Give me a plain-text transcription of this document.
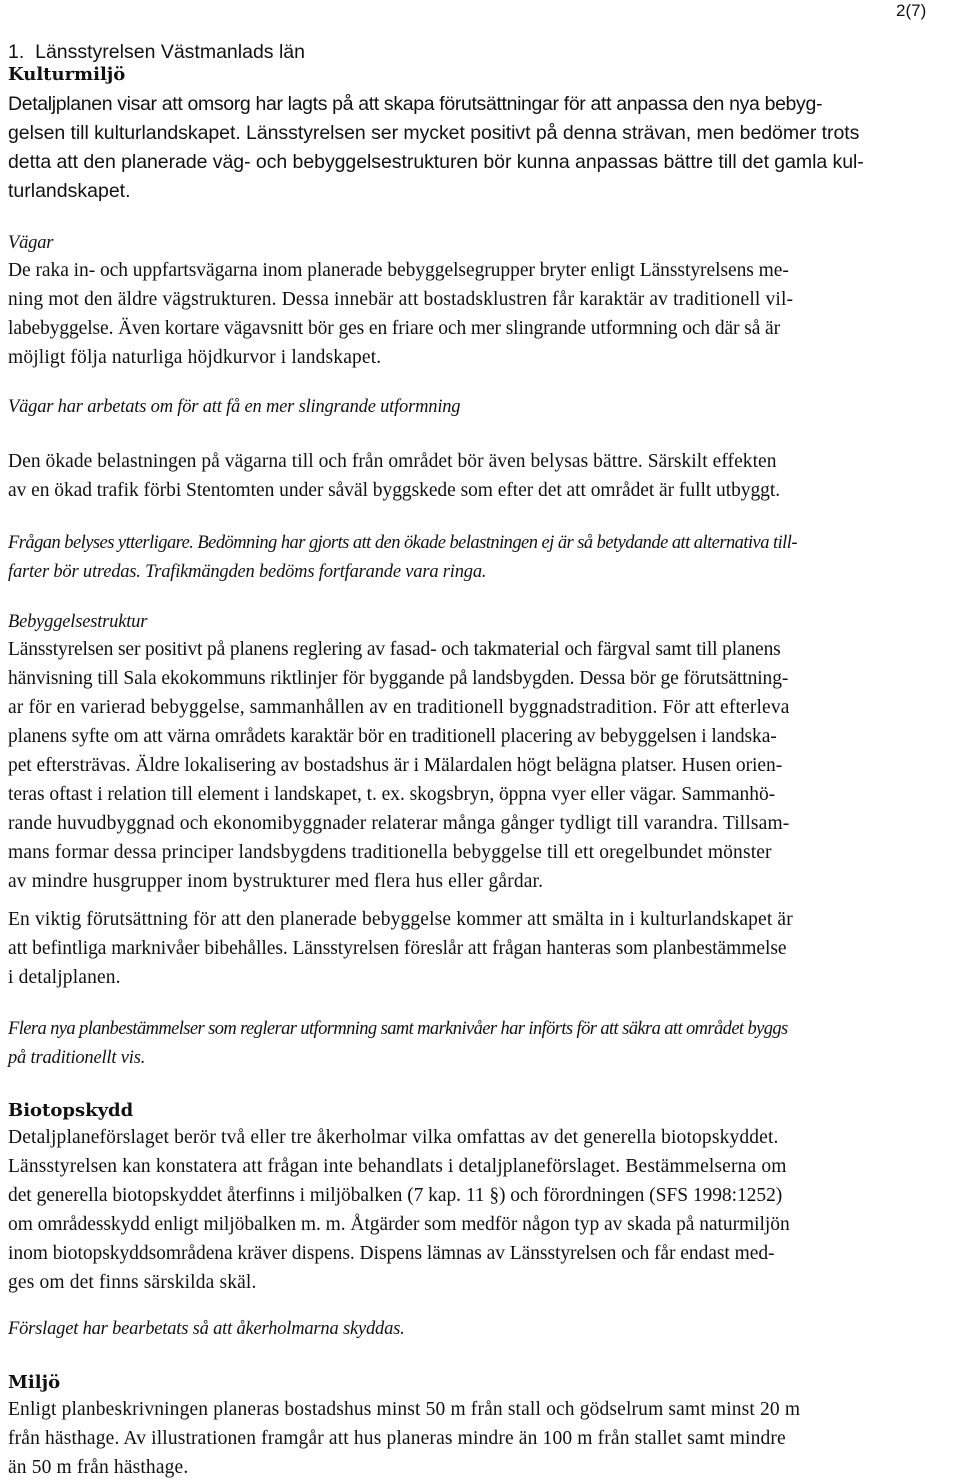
2(7)
1.  Länsstyrelsen Västmanlads län
Kulturmiljö
Detaljplanen visar att omsorg har lagts på att skapa förutsättningar för att anpassa den nya bebyg-
gelsen till kulturlandskapet. Länsstyrelsen ser mycket positivt på denna strävan, men bedömer trots
detta att den planerade väg- och bebyggelsestrukturen bör kunna anpassas bättre till det gamla kul-
turlandskapet.
Vägar
De raka in- och uppfartsvägarna inom planerade bebyggelsegrupper bryter enligt Länsstyrelsens me-
ning mot den äldre vägstrukturen. Dessa innebär att bostadsklustren får karaktär av traditionell vil-
labebyggelse. Även kortare vägavsnitt bör ges en friare och mer slingrande utformning och där så är
möjligt följa naturliga höjdkurvor i landskapet.
Vägar har arbetats om för att få en mer slingrande utformning
Den ökade belastningen på vägarna till och från området bör även belysas bättre. Särskilt effekten
av en ökad trafik förbi Stentomten under såväl byggskede som efter det att området är fullt utbyggt.
Frågan belyses ytterligare. Bedömning har gjorts att den ökade belastningen ej är så betydande att alternativa till-
farter bör utredas. Trafikmängden bedöms fortfarande vara ringa.
Bebyggelsestruktur
Länsstyrelsen ser positivt på planens reglering av fasad- och takmaterial och färgval samt till planens
hänvisning till Sala ekokommuns riktlinjer för byggande på landsbygden. Dessa bör ge förutsättning-
ar för en varierad bebyggelse, sammanhållen av en traditionell byggnadstradition. För att efterleva
planens syfte om att värna områdets karaktär bör en traditionell placering av bebyggelsen i landska-
pet eftersträvas. Äldre lokalisering av bostadshus är i Mälardalen högt belägna platser. Husen orien-
teras oftast i relation till element i landskapet, t. ex. skogsbryn, öppna vyer eller vägar. Sammanhö-
rande huvudbyggnad och ekonomibyggnader relaterar många gånger tydligt till varandra. Tillsam-
mans formar dessa principer landsbygdens traditionella bebyggelse till ett oregelbundet mönster
av mindre husgrupper inom bystrukturer med flera hus eller gårdar.
En viktig förutsättning för att den planerade bebyggelse kommer att smälta in i kulturlandskapet är
att befintliga marknivåer bibehålles. Länsstyrelsen föreslår att frågan hanteras som planbestämmelse
i detaljplanen.
Flera nya planbestämmelser som reglerar utformning samt marknivåer har införts för att säkra att området byggs
på traditionellt vis.
Biotopskydd
Detaljplaneförslaget berör två eller tre åkerholmar vilka omfattas av det generella biotopskyddet.
Länsstyrelsen kan konstatera att frågan inte behandlats i detaljplaneförslaget. Bestämmelserna om
det generella biotopskyddet återfinns i miljöbalken (7 kap. 11 §) och förordningen (SFS 1998:1252)
om områdesskydd enligt miljöbalken m. m. Åtgärder som medför någon typ av skada på naturmiljön
inom biotopskyddsområdena kräver dispens. Dispens lämnas av Länsstyrelsen och får endast med-
ges om det finns särskilda skäl.
Förslaget har bearbetats så att åkerholmarna skyddas.
Miljö
Enligt planbeskrivningen planeras bostadshus minst 50 m från stall och gödselrum samt minst 20 m
från hästhage. Av illustrationen framgår att hus planeras mindre än 100 m från stallet samt mindre
än 50 m från hästhage.
